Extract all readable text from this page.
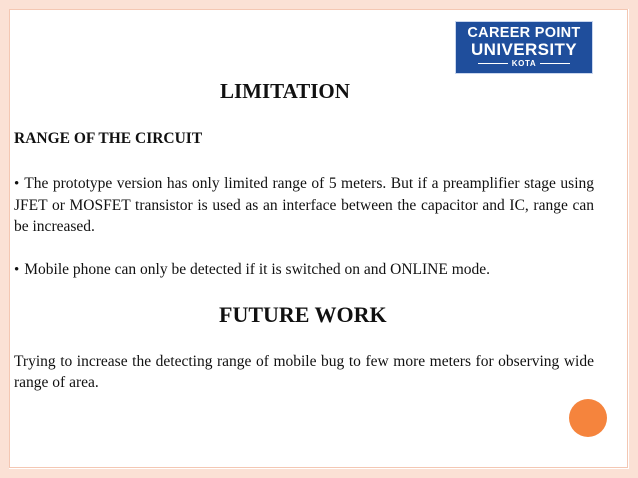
CAREER POINT
UNIVERSITY
KOTA
LIMITATION
RANGE OF THE CIRCUIT
• The prototype version has only limited range of 5 meters. But if a preamplifier stage using JFET or MOSFET transistor is used as an interface between the capacitor and IC, range can be increased.
• Mobile phone can only be detected if it is switched on and ONLINE mode.
FUTURE WORK
Trying to increase the detecting range of mobile bug to few more meters for observing wide range of area.
